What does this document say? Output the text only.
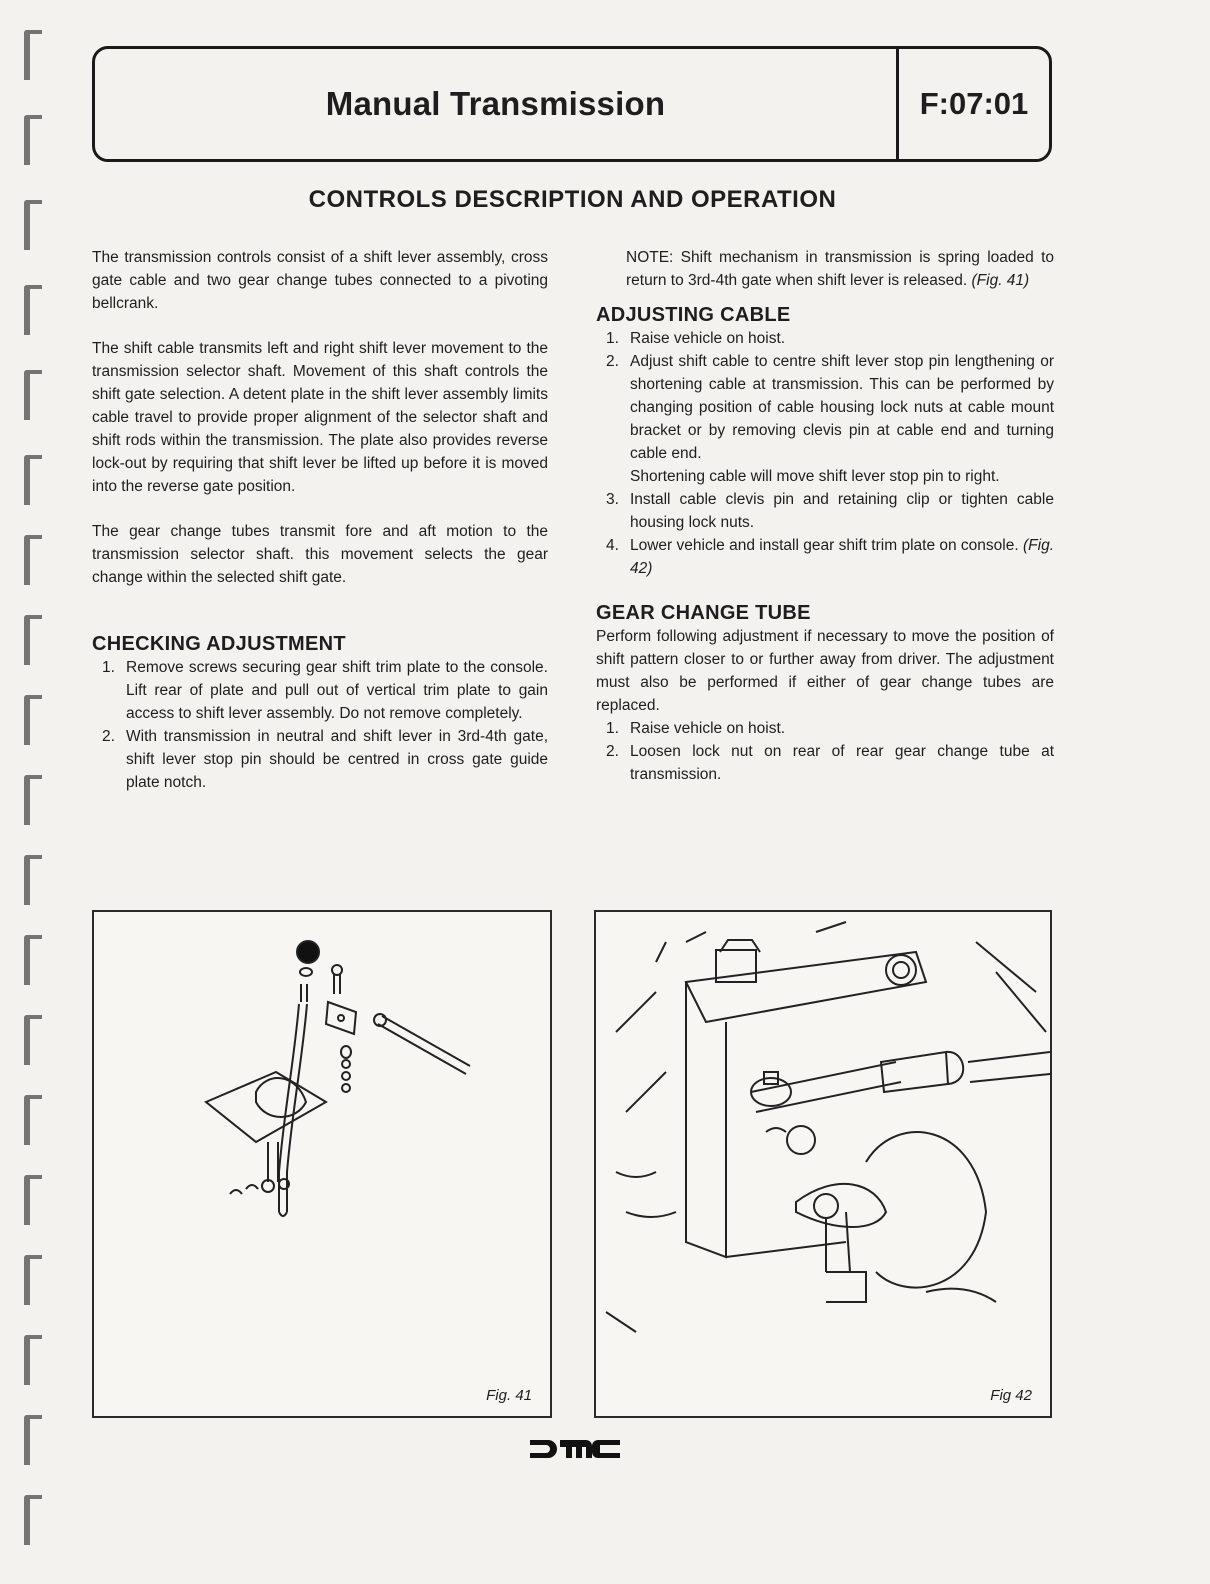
Manual Transmission	F:07:01
CONTROLS DESCRIPTION AND OPERATION

The transmission controls consist of a shift lever assembly, cross gate cable and two gear change tubes connected to a pivoting bellcrank.

The shift cable transmits left and right shift lever movement to the transmission selector shaft. Movement of this shaft controls the shift gate selection. A detent plate in the shift lever assembly limits cable travel to provide proper alignment of the selector shaft and shift rods within the transmission. The plate also provides reverse lock-out by requiring that shift lever be lifted up before it is moved into the reverse gate position.

The gear change tubes transmit fore and aft motion to the transmission selector shaft. this movement selects the gear change within the selected shift gate.

CHECKING ADJUSTMENT
1. Remove screws securing gear shift trim plate to the console. Lift rear of plate and pull out of vertical trim plate to gain access to shift lever assembly. Do not remove completely.
2. With transmission in neutral and shift lever in 3rd-4th gate, shift lever stop pin should be centred in cross gate guide plate notch.

NOTE: Shift mechanism in transmission is spring loaded to return to 3rd-4th gate when shift lever is released. (Fig. 41)

ADJUSTING CABLE
1. Raise vehicle on hoist.
2. Adjust shift cable to centre shift lever stop pin lengthening or shortening cable at transmission. This can be performed by changing position of cable housing lock nuts at cable mount bracket or by removing clevis pin at cable end and turning cable end.
Shortening cable will move shift lever stop pin to right.
3. Install cable clevis pin and retaining clip or tighten cable housing lock nuts.
4. Lower vehicle and install gear shift trim plate on console. (Fig. 42)
GEAR CHANGE TUBE

Perform following adjustment if necessary to move the position of shift pattern closer to or further away from driver. The adjustment must also be performed if either of gear change tubes are replaced.

1. Raise vehicle on hoist.
2. Loosen lock nut on rear of rear gear change tube at transmission.
Fig. 41	Fig 42
